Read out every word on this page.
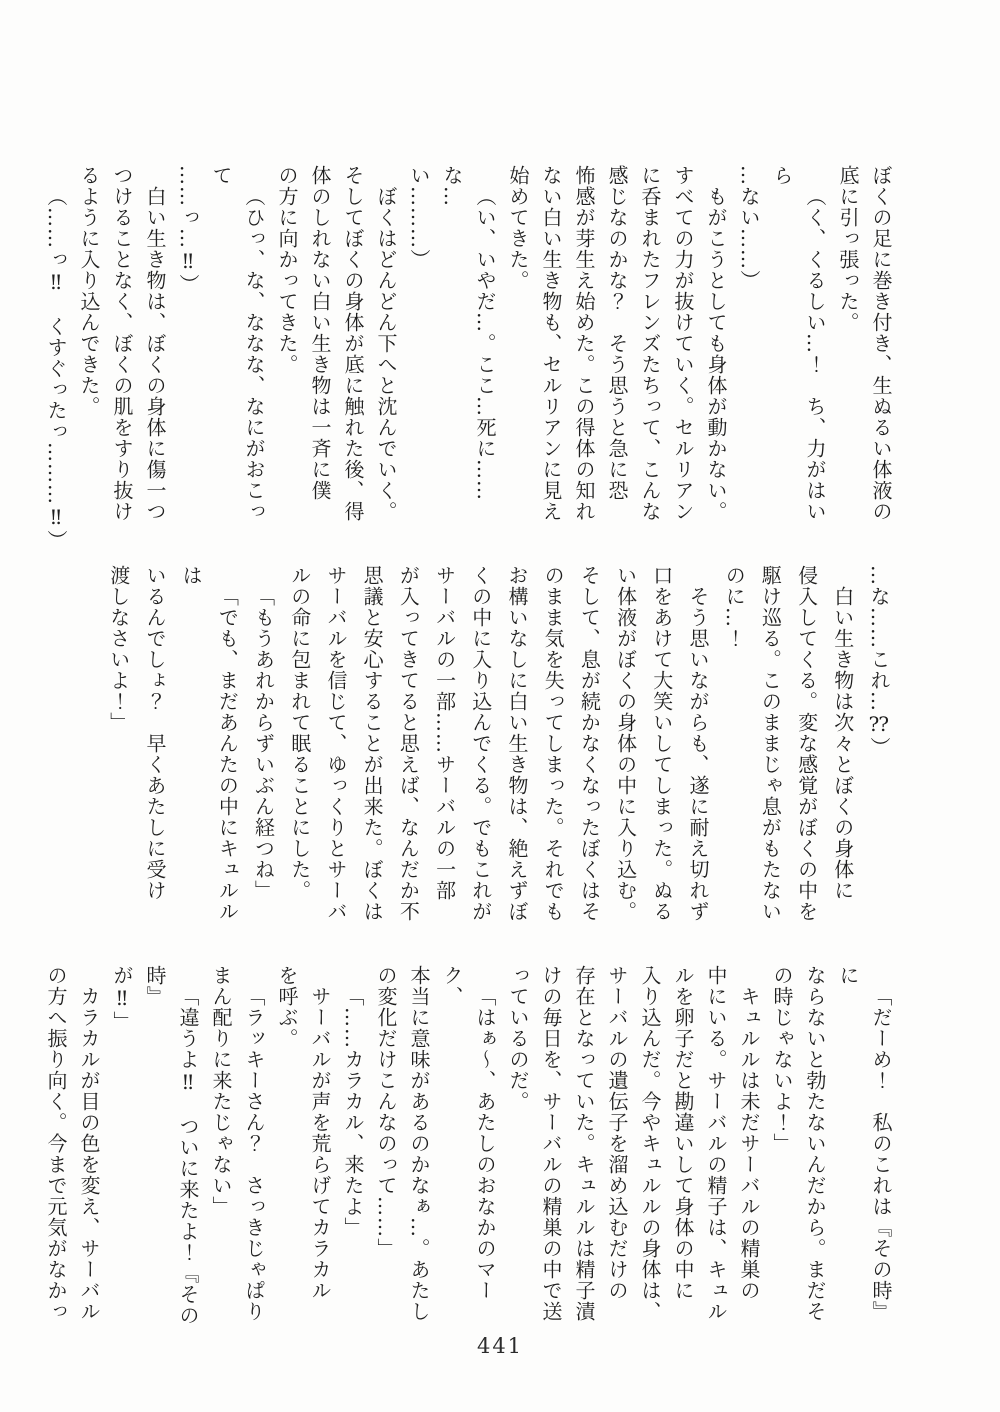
ぼくの足に巻き付き、生ぬるい体液の

底に引っ張った。

（く、くるしい…！　ち、力がはいら

…ない……）

もがこうとしても身体が動かない。

すべての力が抜けていく。セルリアン

に呑まれたフレンズたちって、こんな

感じなのかな？　そう思うと急に恐

怖感が芽生え始めた。この得体の知れ

ない白い生き物も、セルリアンに見え

始めてきた。

（い、いやだ…。ここ…死に……な…

い………）

ぼくはどんどん下へと沈んでいく。

そしてぼくの身体が底に触れた後、得

体のしれない白い生き物は一斉に僕

の方に向かってきた。

（ひっ、な、ななな、なにがおこって

……っ…‼）

白い生き物は、ぼくの身体に傷一つ

つけることなく、ぼくの肌をすり抜け

るように入り込んできた。

（……っ‼　くすぐったっ………‼）

…な……これ…⁇）

白い生き物は次々とぼくの身体に

侵入してくる。変な感覚がぼくの中を

駆け巡る。このままじゃ息がもたない

のに…！

そう思いながらも、遂に耐え切れず

口をあけて大笑いしてしまった。ぬる

い体液がぼくの身体の中に入り込む。

そして、息が続かなくなったぼくはそ

のまま気を失ってしまった。それでも

お構いなしに白い生き物は、絶えずぼ

くの中に入り込んでくる。でもこれが

サーバルの一部……サーバルの一部

が入ってきてると思えば、なんだか不

思議と安心することが出来た。ぼくは

サーバルを信じて、ゆっくりとサーバ

ルの命に包まれて眠ることにした。

「もうあれからずいぶん経つね」

「でも、まだあんたの中にキュルルは

いるんでしょ？　早くあたしに受け

渡しなさいよ！」

「だーめ！　私のこれは『その時』に

ならないと勃たないんだから。まだそ

の時じゃないよ！」

キュルルは未だサーバルの精巣の

中にいる。サーバルの精子は、キュル

ルを卵子だと勘違いして身体の中に

入り込んだ。今やキュルルの身体は、

サーバルの遺伝子を溜め込むだけの

存在となっていた。キュルルは精子漬

けの毎日を、サーバルの精巣の中で送

っているのだ。

「はぁ〜、あたしのおなかのマーク、

本当に意味があるのかなぁ…。あたし

の変化だけこんなのって……」

「……カラカル、来たよ」

サーバルが声を荒らげてカラカル

を呼ぶ。

「ラッキーさん？　さっきじゃぱり

まん配りに来たじゃない」

「違うよ‼　ついに来たよ！『その時』

が‼」

カラカルが目の色を変え、サーバル

の方へ振り向く。今まで元気がなかっ

441
